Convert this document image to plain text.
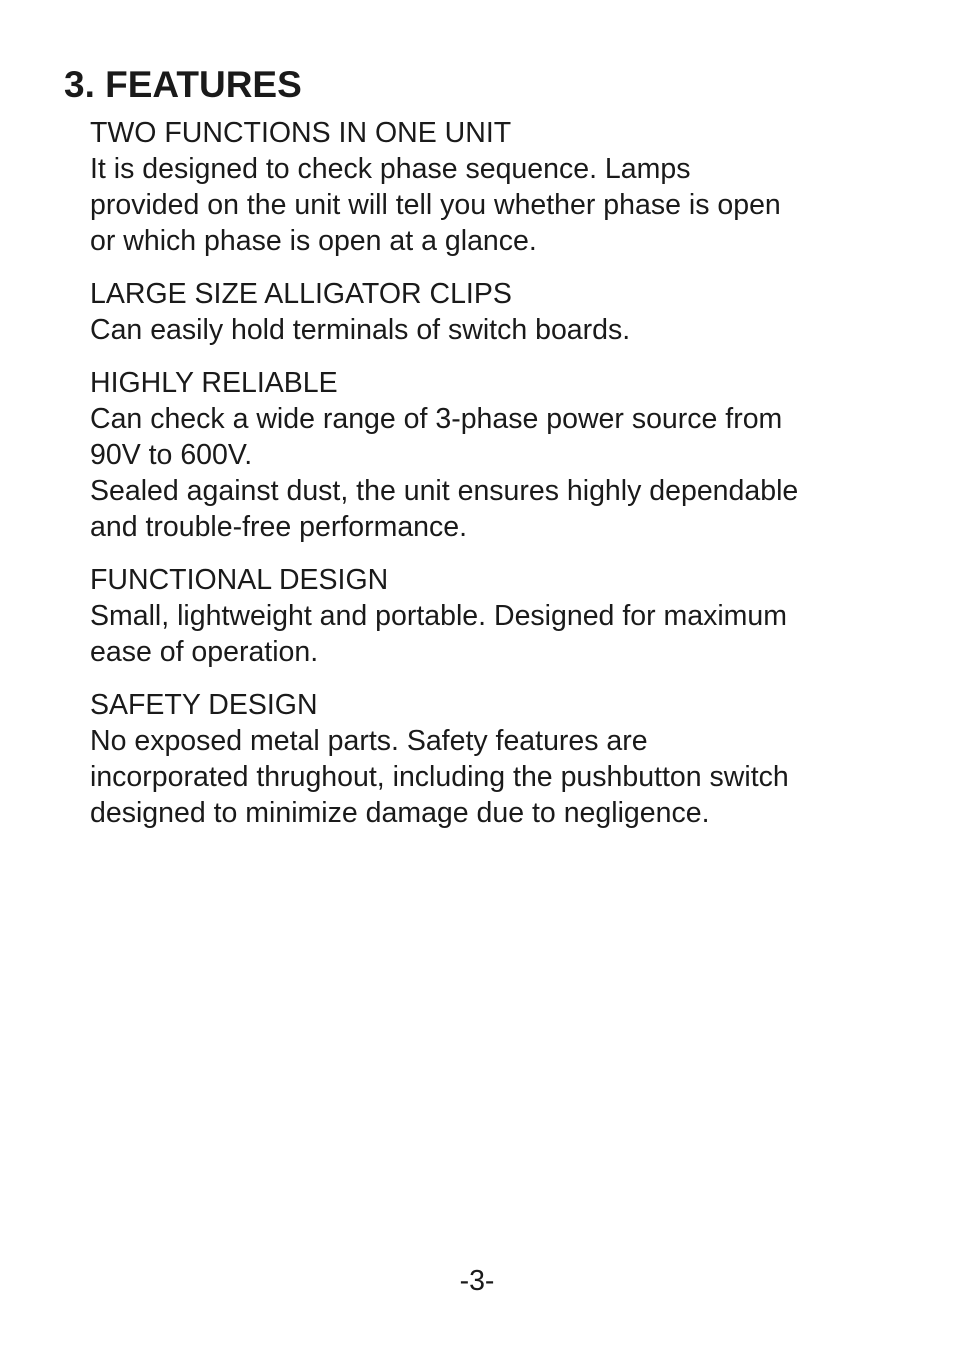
3. FEATURES
TWO FUNCTIONS IN ONE UNIT
It is designed to check phase sequence. Lamps
provided on the unit will tell you whether phase is open
or which phase is open at a glance.
LARGE SIZE ALLIGATOR CLIPS
Can easily hold terminals of switch boards.
HIGHLY RELIABLE
Can check a wide range of 3-phase power source from
90V to 600V.
Sealed against dust, the unit ensures highly dependable
and trouble-free performance.
FUNCTIONAL DESIGN
Small, lightweight and portable. Designed for maximum
ease of operation.
SAFETY DESIGN
No exposed metal parts. Safety features are
incorporated thrughout, including the pushbutton switch
designed to minimize damage due to negligence.
-3-
